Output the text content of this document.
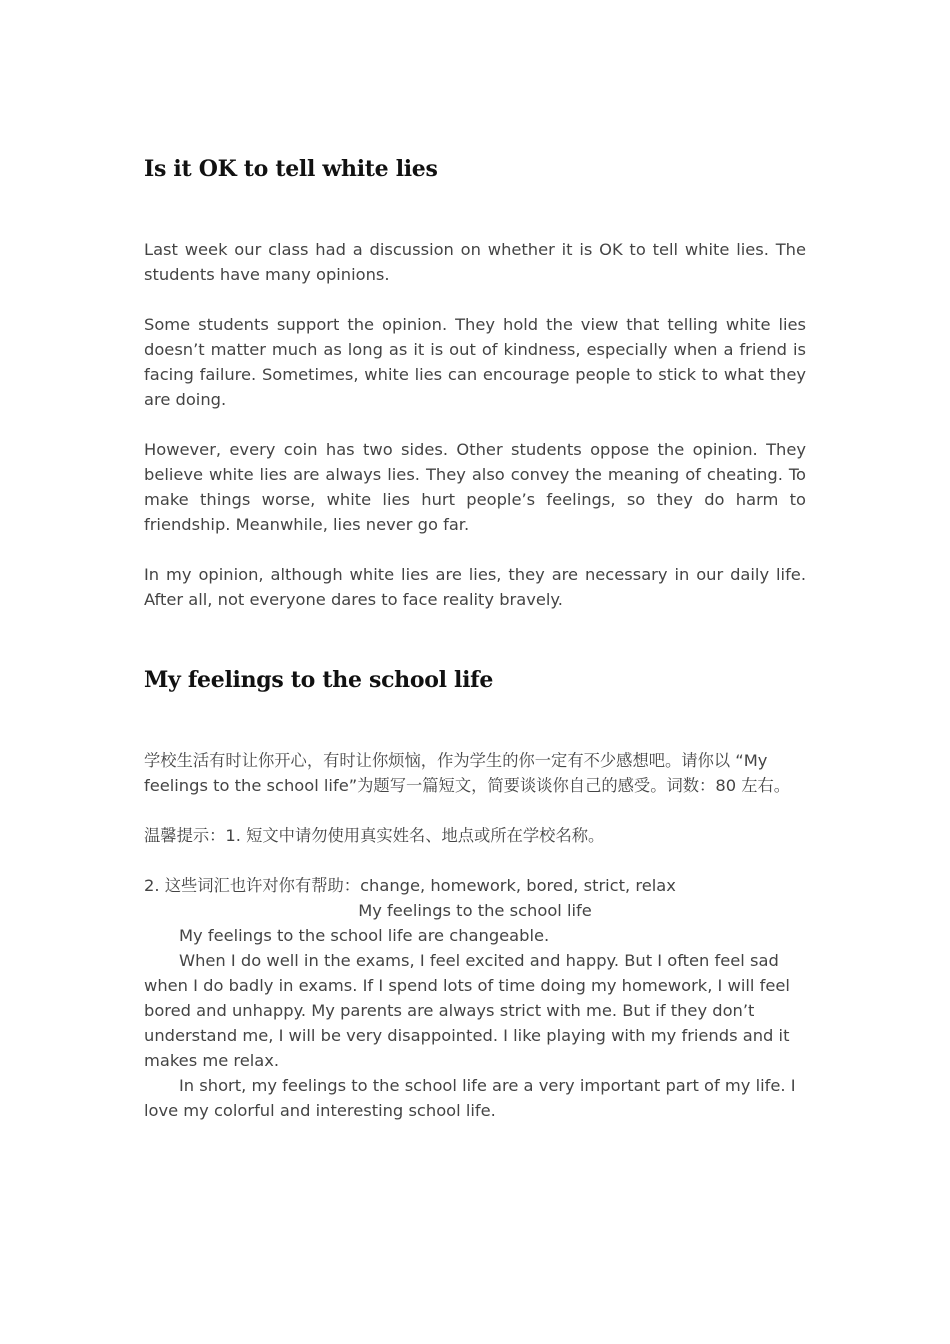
Is it OK to tell white lies

Last week our class had a discussion on whether it is OK to tell white lies. The students have many opinions.

Some students support the opinion. They hold the view that telling white lies doesn’t matter much as long as it is out of kindness, especially when a friend is facing failure. Sometimes, white lies can encourage people to stick to what they are doing.

However, every coin has two sides. Other students oppose the opinion. They believe white lies are always lies. They also convey the meaning of cheating. To make things worse, white lies hurt people’s feelings, so they do harm to friendship. Meanwhile, lies never go far.

In my opinion, although white lies are lies, they are necessary in our daily life. After all, not everyone dares to face reality bravely.

My feelings to the school life

学校生活有时让你开心，有时让你烦恼，作为学生的你一定有不少感想吧。请你以 “My feelings to the school life”为题写一篇短文，简要谈谈你自己的感受。词数：80 左右。

温馨提示：1. 短文中请勿使用真实姓名、地点或所在学校名称。

2. 这些词汇也许对你有帮助：change, homework, bored, strict, relax

My feelings to the school life

My feelings to the school life are changeable.

When I do well in the exams, I feel excited and happy. But I often feel sad when I do badly in exams. If I spend lots of time doing my homework, I will feel bored and unhappy. My parents are always strict with me. But if they don’t understand me, I will be very disappointed. I like playing with my friends and it makes me relax.

In short, my feelings to the school life are a very important part of my life. I love my colorful and interesting school life.
